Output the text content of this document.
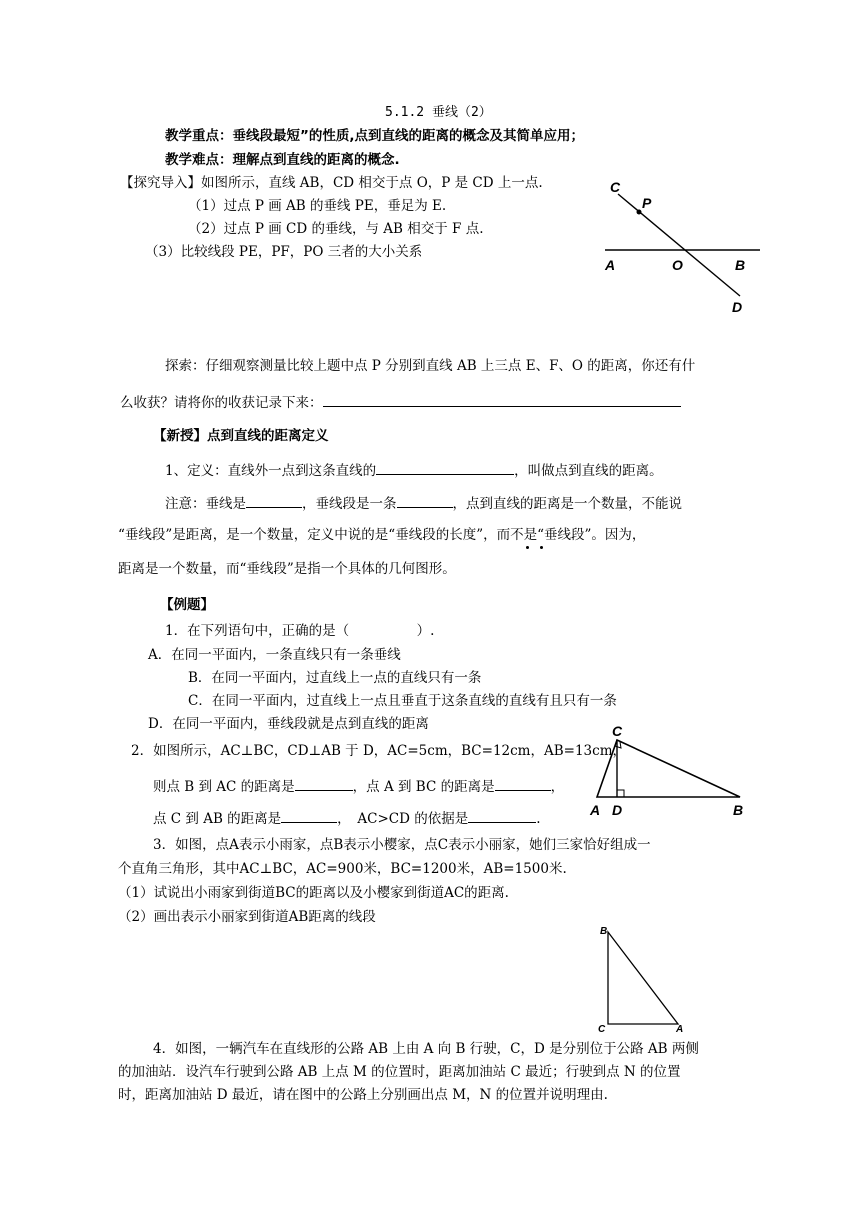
5.1.2 垂线（2）
教学重点：垂线段最短”的性质,点到直线的距离的概念及其简单应用；
教学难点：理解点到直线的距离的概念.
【探究导入】如图所示，直线 AB，CD 相交于点 O，P 是 CD 上一点.
（1）过点 P 画 AB 的垂线 PE，垂足为 E.
（2）过点 P 画 CD 的垂线，与 AB 相交于 F 点.
（3）比较线段 PE，PF，PO 三者的大小关系
C
P
A	O	B
D
探索：仔细观察测量比较上题中点 P 分别到直线 AB 上三点 E、F、O 的距离，你还有什
么收获？请将你的收获记录下来：
【新授】点到直线的距离定义
1、定义：直线外一点到这条直线的	，叫做点到直线的距离。
注意：垂线是	，垂线段是一条	，点到直线的距离是一个数量，不能说
“垂线段”是距离，是一个数量，定义中说的是“垂线段的长度”，而不是“垂线段”。因为，
距离是一个数量，而“垂线段”是指一个具体的几何图形。
【例题】
1．在下列语句中，正确的是（　　　　　）.
A．在同一平面内，一条直线只有一条垂线
B．在同一平面内，过直线上一点的直线只有一条
C．在同一平面内，过直线上一点且垂直于这条直线的直线有且只有一条
D．在同一平面内，垂线段就是点到直线的距离
2．如图所示，AC⊥BC，CD⊥AB 于 D，AC=5cm，BC=12cm，AB=13cm，
则点 B 到 AC 的距离是	，点 A 到 BC 的距离是	，
点 C 到 AB 的距离是	，　AC>CD 的依据是	.
C
A D	B
3．如图，点A表示小雨家，点B表示小樱家，点C表示小丽家，她们三家恰好组成一
个直角三角形，其中AC⊥BC，AC=900米，BC=1200米，AB=1500米.
（1）试说出小雨家到街道BC的距离以及小樱家到街道AC的距离.
（2）画出表示小丽家到街道AB距离的线段
B
C	A
4．如图，一辆汽车在直线形的公路 AB 上由 A 向 B 行驶，C，D 是分别位于公路 AB 两侧
的加油站．设汽车行驶到公路 AB 上点 M 的位置时，距离加油站 C 最近；行驶到点 N 的位置
时，距离加油站 D 最近，请在图中的公路上分别画出点 M，N 的位置并说明理由.
